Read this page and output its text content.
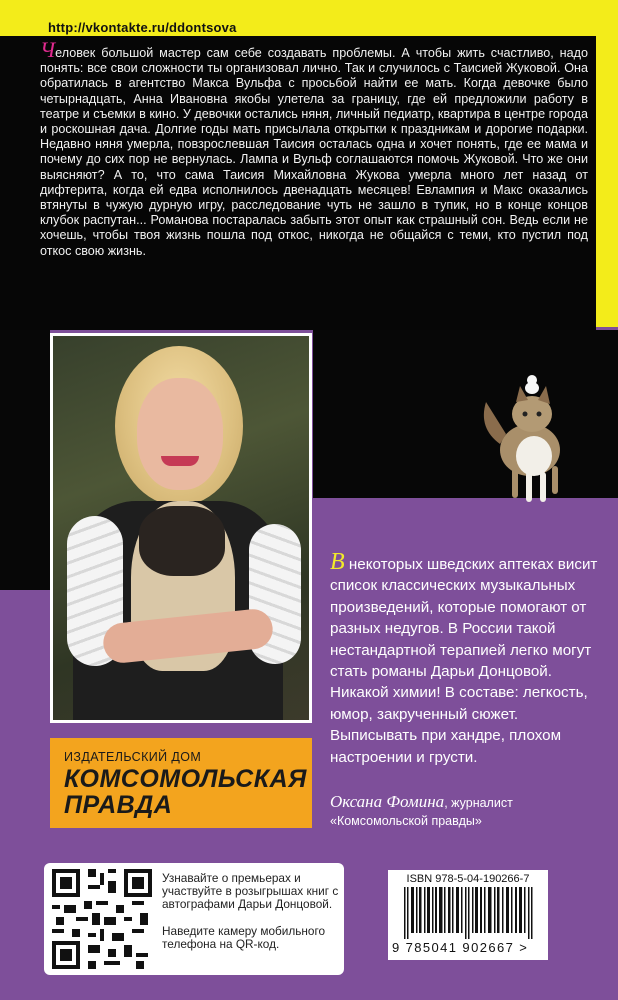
http://vkontakte.ru/ddontsova
Человек большой мастер сам себе создавать проблемы. А чтобы жить счастливо, надо понять: все свои сложности ты организовал лично. Так и случилось с Таисией Жуковой. Она обратилась в агентство Макса Вульфа с просьбой найти ее мать. Когда девочке было четырнадцать, Анна Ивановна якобы улетела за границу, где ей предложили работу в театре и съемки в кино. У девочки остались няня, личный педиатр, квартира в центре города и роскошная дача. Долгие годы мать присылала открытки к праздникам и дорогие подарки. Недавно няня умерла, повзрослевшая Таисия осталась одна и хочет понять, где ее мама и почему до сих пор не вернулась. Лампа и Вульф соглашаются помочь Жуковой. Что же они выясняют? А то, что сама Таисия Михайловна Жукова умерла много лет назад от дифтерита, когда ей едва исполнилось двенадцать месяцев! Евлампия и Макс оказались втянуты в чужую дурную игру, расследование чуть не зашло в тупик, но в конце концов клубок распутан... Романова постаралась забыть этот опыт как страшный сон. Ведь если не хочешь, чтобы твоя жизнь пошла под откос, никогда не общайся с теми, кто пустил под откос свою жизнь.
В некоторых шведских аптеках висит список классических музыкальных произведений, которые помогают от разных недугов. В России такой нестандартной терапией легко могут стать романы Дарьи Донцовой. Никакой химии! В составе: легкость, юмор, закрученный сюжет. Выписывать при хандре, плохом настроении и грусти.
Оксана Фомина, журналист
«Комсомольской правды»
ИЗДАТЕЛЬСКИЙ ДОМ
КОМСОМОЛЬСКАЯ
ПРАВДА
Узнавайте о премьерах и участвуйте в розыгрышах книг с автографами Дарьи Донцовой.
Наведите камеру мобильного телефона на QR-код.
ISBN 978-5-04-190266-7
9 785041 902667 >
